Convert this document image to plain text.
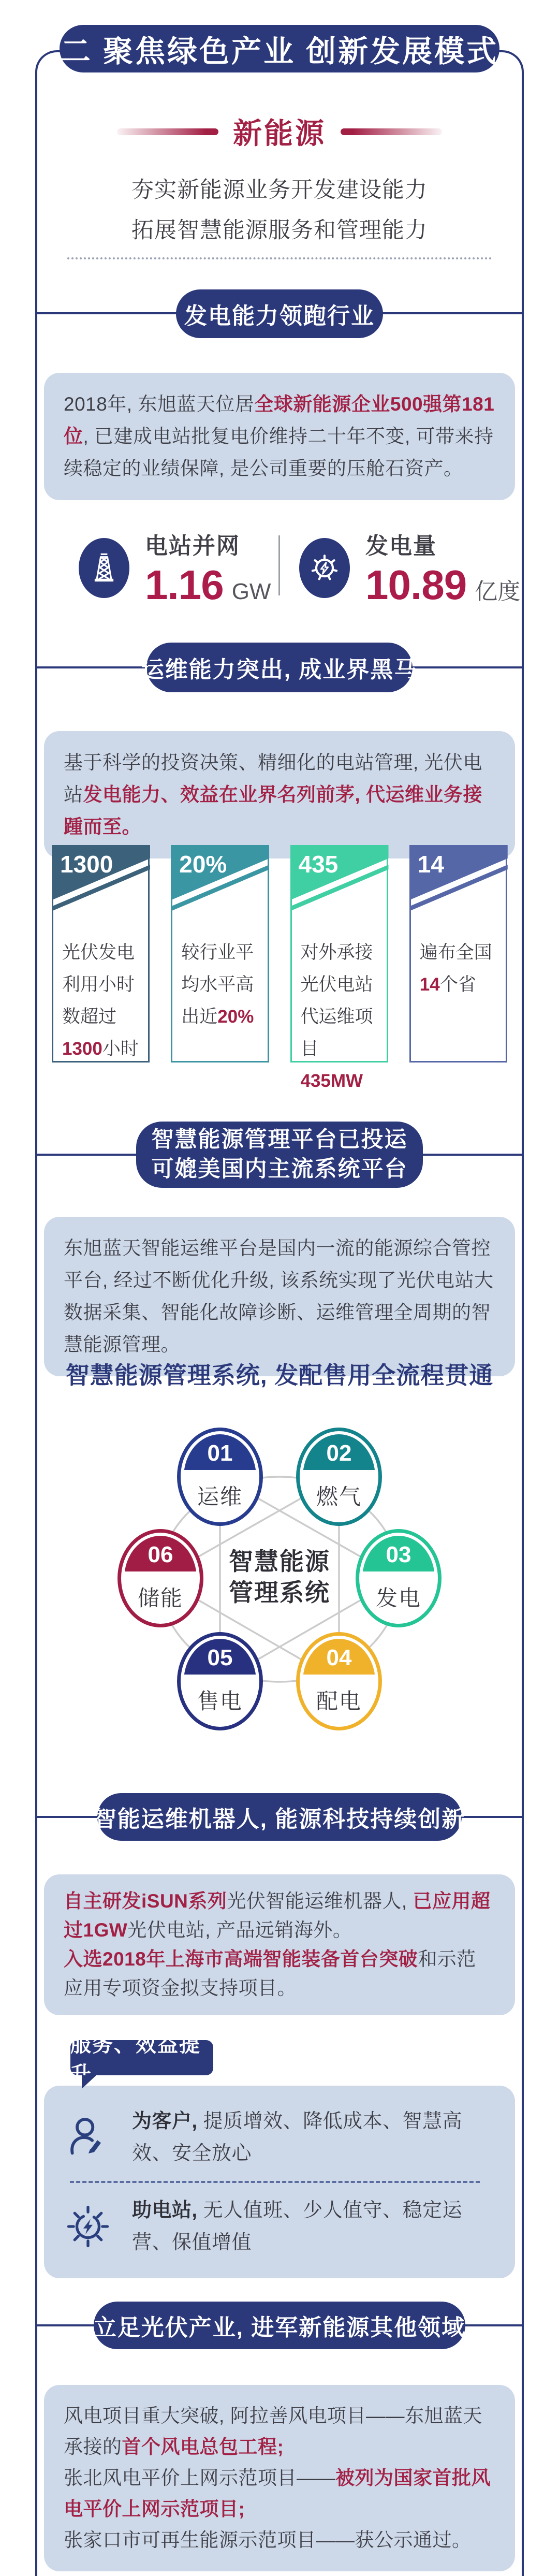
二 聚焦绿色产业 创新发展模式
新能源
夯实新能源业务开发建设能力
拓展智慧能源服务和管理能力
发电能力领跑行业

2018年, 东旭蓝天位居全球新能源企业500强第181位, 已建成电站批复电价维持二十年不变, 可带来持续稳定的业绩保障, 是公司重要的压舱石资产。

电站并网
1.16 GW
发电量
10.89 亿度
运维能力突出, 成业界黑马

基于科学的投资决策、精细化的电站管理, 光伏电站发电能力、效益在业界名列前茅, 代运维业务接踵而至。

1300
光伏发电利用小时数超过1300小时
20%
较行业平均水平高出近20%
435
对外承接光伏电站代运维项目435MW
14
遍布全国14个省
智慧能源管理平台已投运
可媲美国内主流系统平台

东旭蓝天智能运维平台是国内一流的能源综合管控平台, 经过不断优化升级, 该系统实现了光伏电站大数据采集、智能化故障诊断、运维管理全周期的智慧能源管理。

智慧能源管理系统, 发配售用全流程贯通
01
运维
02
燃气
03
发电
04
配电
05
售电
06
储能
智慧能源
管理系统
智能运维机器人, 能源科技持续创新

自主研发iSUN系列光伏智能运维机器人, 已应用超过1GW光伏电站, 产品远销海外。

入选2018年上海市高端智能装备首台突破和示范应用专项资金拟支持项目。

服务、效益提升
为客户, 提质增效、降低成本、智慧高效、安全放心
助电站, 无人值班、少人值守、稳定运营、保值增值
立足光伏产业, 进军新能源其他领域

风电项目重大突破, 阿拉善风电项目——东旭蓝天承接的首个风电总包工程;

张北风电平价上网示范项目——被列为国家首批风电平价上网示范项目;

张家口市可再生能源示范项目——获公示通过。
